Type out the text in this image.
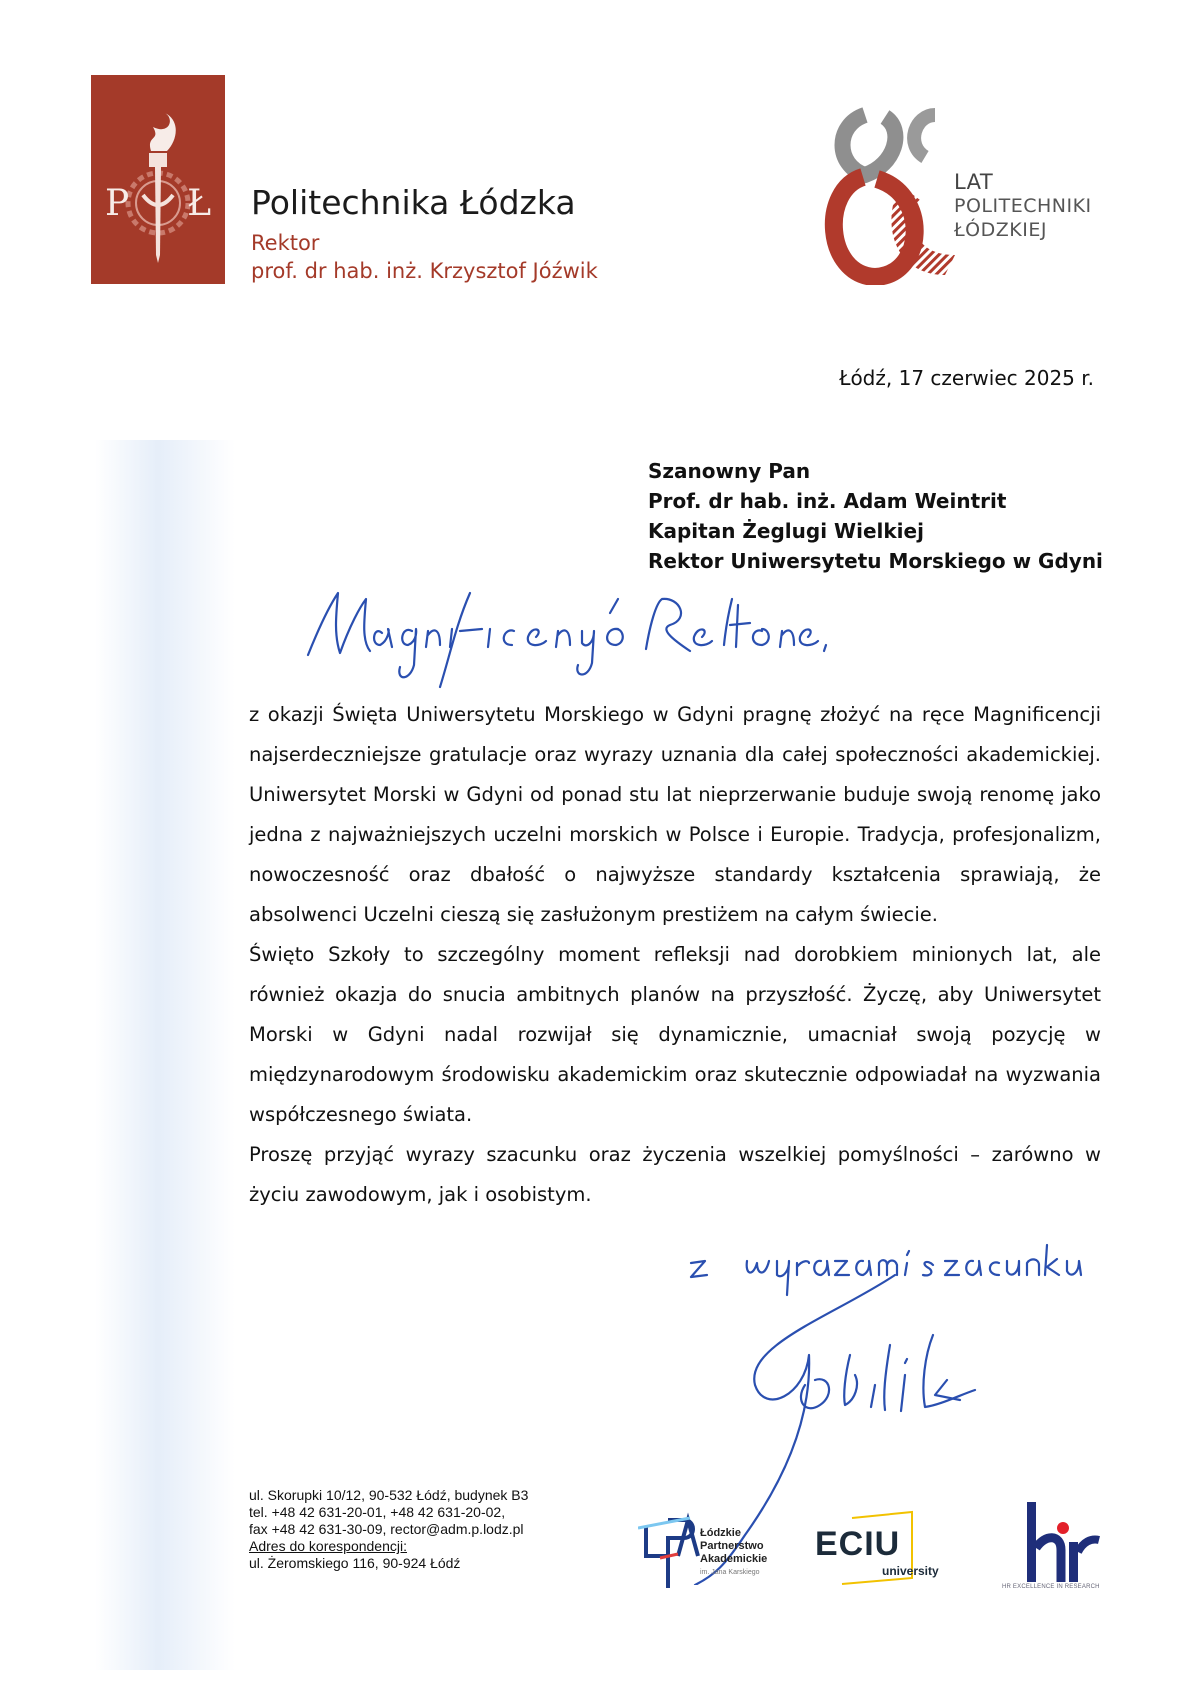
P Ł Politechnika Łódzka
Rektor
prof. dr hab. inż. Krzysztof Jóźwik
80
LAT
POLITECHNIKI
ŁÓDZKIEJ
Łódź, 17 czerwiec 2025 r.
Szanowny Pan
Prof. dr hab. inż. Adam Weintrit
Kapitan Żeglugi Wielkiej
Rektor Uniwersytetu Morskiego w Gdyni

z okazji Święta Uniwersytetu Morskiego w Gdyni pragnę złożyć na ręce Magnificencji najserdeczniejsze gratulacje oraz wyrazy uznania dla całej społeczności akademickiej. Uniwersytet Morski w Gdyni od ponad stu lat nieprzerwanie buduje swoją renomę jako jedna z najważniejszych uczelni morskich w Polsce i Europie. Tradycja, profesjonalizm, nowoczesność oraz dbałość o najwyższe standardy kształcenia sprawiają, że absolwenci Uczelni cieszą się zasłużonym prestiżem na całym świecie.

Święto Szkoły to szczególny moment refleksji nad dorobkiem minionych lat, ale również okazja do snucia ambitnych planów na przyszłość. Życzę, aby Uniwersytet Morski w Gdyni nadal rozwijał się dynamicznie, umacniał swoją pozycję w międzynarodowym środowisku akademickim oraz skutecznie odpowiadał na wyzwania współczesnego świata.

Proszę przyjąć wyrazy szacunku oraz życzenia wszelkiej pomyślności – zarówno w życiu zawodowym, jak i osobistym.

ul. Skorupki 10/12, 90-532 Łódź, budynek B3
tel. +48 42 631-20-01, +48 42 631-20-02,
fax +48 42 631-30-09, rector@adm.p.lodz.pl
Adres do korespondencji:
ul. Żeromskiego 116, 90-924 Łódź
Łódzkie
Partnerstwo
Akademickie
im. Jana Karskiego
ECIU
university
HR EXCELLENCE IN RESEARCH
